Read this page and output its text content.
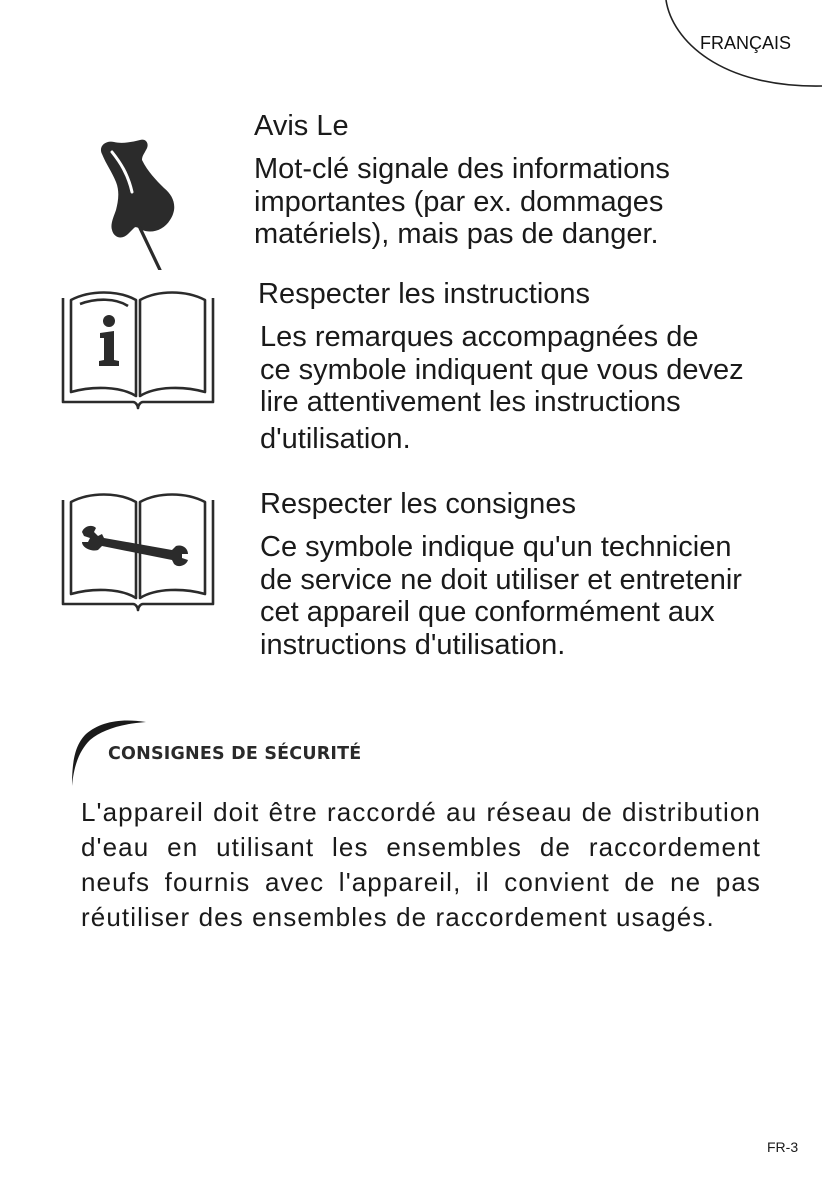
FRANÇAIS
Avis Le
Mot-clé signale des informations
importantes (par ex. dommages
matériels), mais pas de danger.
Respecter les instructions
Les remarques accompagnées de
ce symbole indiquent que vous devez
lire attentivement les instructions
d'utilisation.
Respecter les consignes
Ce symbole indique qu'un technicien
de service ne doit utiliser et entretenir
cet appareil que conformément aux
instructions d'utilisation.
CONSIGNES DE SÉCURITÉ
L'appareil doit être raccordé au réseau de distribution d'eau en utilisant les ensembles de raccordement neufs fournis avec l'appareil, il convient de ne pas réutiliser des ensembles de raccordement usagés.
FR-3
